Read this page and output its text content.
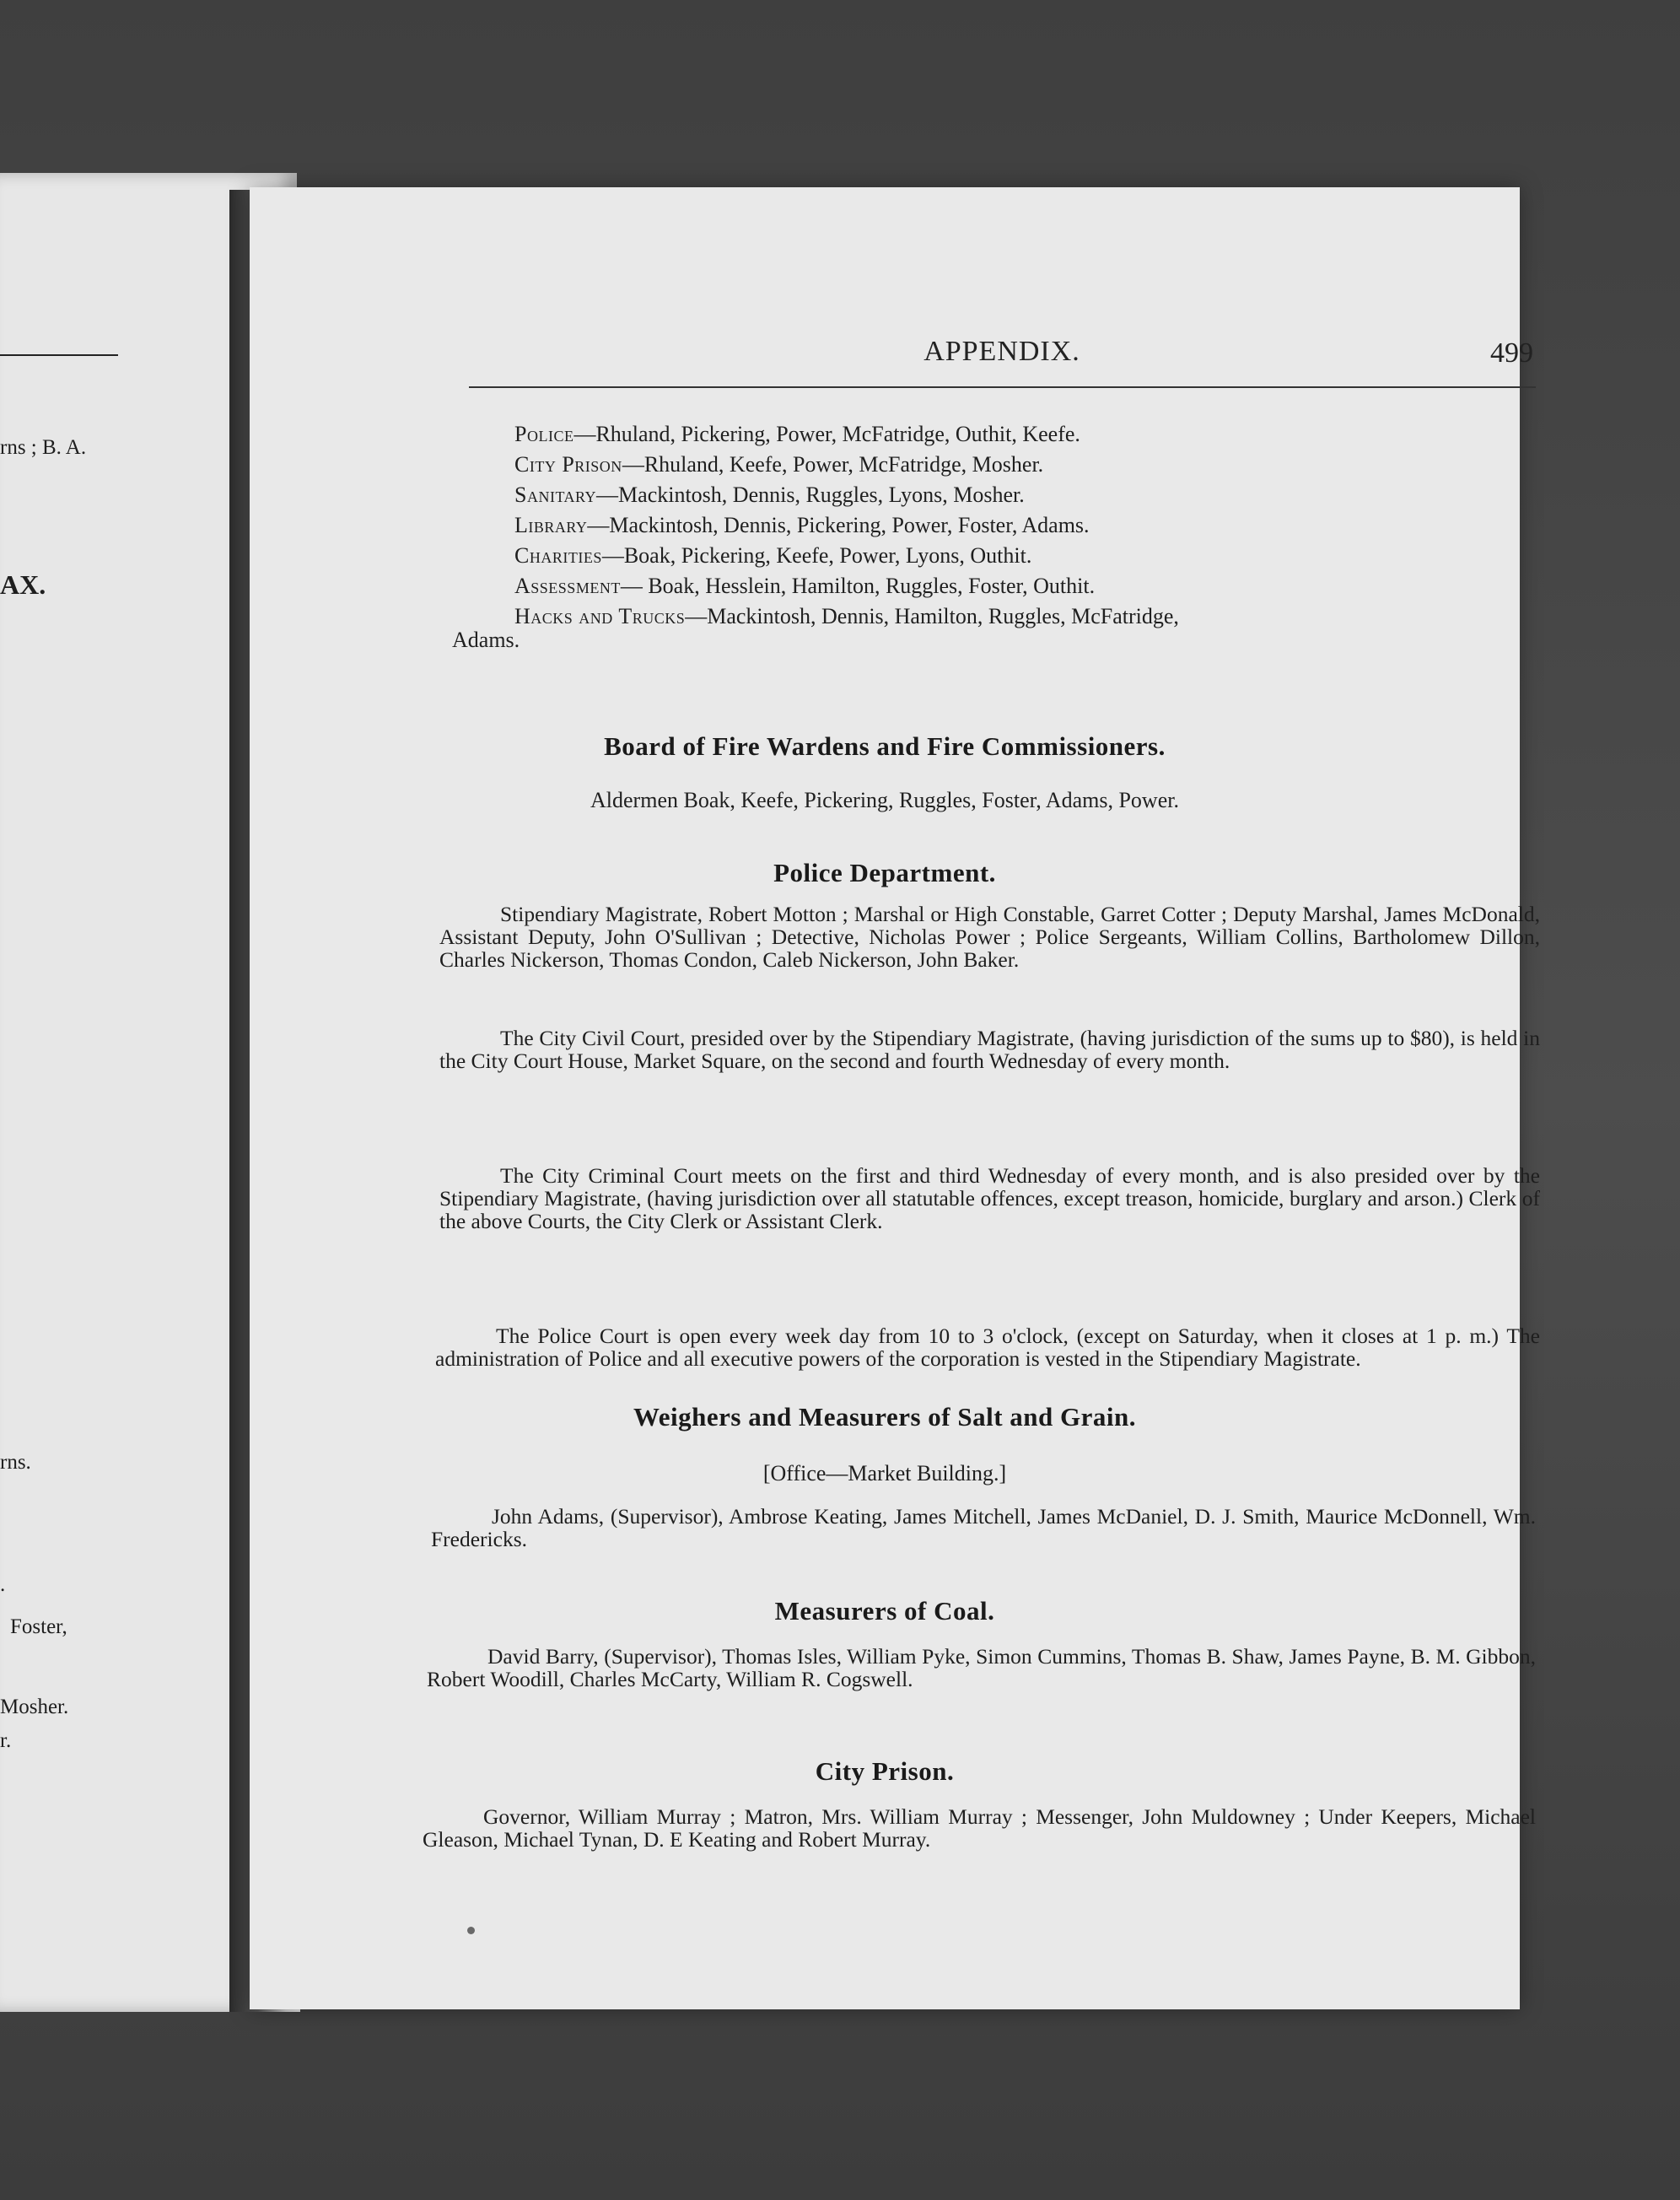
rns ; B. A.
AX.
rns.
.
Foster,
Mosher.
r.
APPENDIX.	499
Police—Rhuland, Pickering, Power, McFatridge, Outhit, Keefe.
City Prison—Rhuland, Keefe, Power, McFatridge, Mosher.
Sanitary—Mackintosh, Dennis, Ruggles, Lyons, Mosher.
Library—Mackintosh, Dennis, Pickering, Power, Foster, Adams.
Charities—Boak, Pickering, Keefe, Power, Lyons, Outhit.
Assessment— Boak, Hesslein, Hamilton, Ruggles, Foster, Outhit.
Hacks and Trucks—Mackintosh, Dennis, Hamilton, Ruggles, McFatridge,
Adams.
Board of Fire Wardens and Fire Commissioners.
Aldermen Boak, Keefe, Pickering, Ruggles, Foster, Adams, Power.
Police Department.

Stipendiary Magistrate, Robert Motton ; Marshal or High Constable, Garret Cotter ; Deputy Marshal, James McDonald, Assistant Deputy, John O'Sullivan ; Detective, Nicholas Power ; Police Sergeants, William Collins, Bartholomew Dillon, Charles Nickerson, Thomas Condon, Caleb Nickerson, John Baker.

The City Civil Court, presided over by the Stipendiary Magistrate, (having jurisdiction of the sums up to $80), is held in the City Court House, Market Square, on the second and fourth Wednesday of every month.

The City Criminal Court meets on the first and third Wednesday of every month, and is also presided over by the Stipendiary Magistrate, (having jurisdiction over all statutable offences, except treason, homicide, burglary and arson.) Clerk of the above Courts, the City Clerk or Assistant Clerk.

The Police Court is open every week day from 10 to 3 o'clock, (except on Saturday, when it closes at 1 p. m.) The administration of Police and all executive powers of the corporation is vested in the Stipendiary Magistrate.

Weighers and Measurers of Salt and Grain.
[Office—Market Building.]

John Adams, (Supervisor), Ambrose Keating, James Mitchell, James McDaniel, D. J. Smith, Maurice McDonnell, Wm. Fredericks.

Measurers of Coal.

David Barry, (Supervisor), Thomas Isles, William Pyke, Simon Cummins, Thomas B. Shaw, James Payne, B. M. Gibbon, Robert Woodill, Charles McCarty, William R. Cogswell.

City Prison.

Governor, William Murray ; Matron, Mrs. William Murray ; Messenger, John Muldowney ; Under Keepers, Michael Gleason, Michael Tynan, D. E Keating and Robert Murray.
